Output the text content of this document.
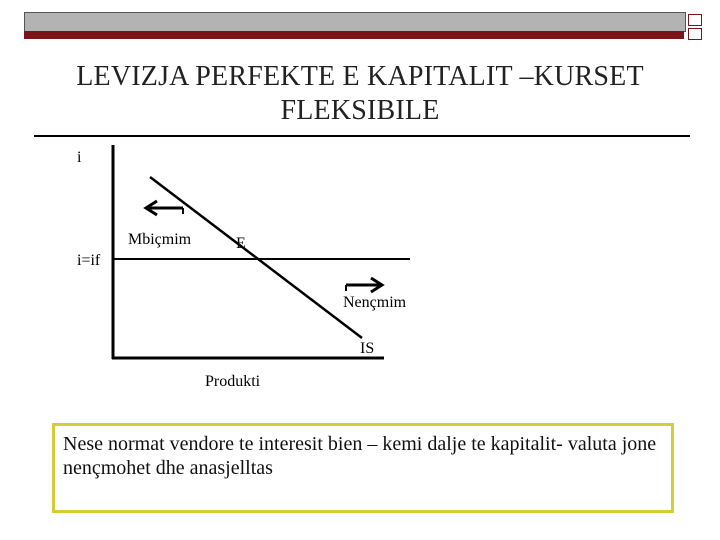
LEVIZJA PERFEKTE E KAPITALIT –KURSET FLEKSIBILE
i
i=if
Mbiçmim	E
Nençmim
IS
Produkti
Nese normat vendore te interesit bien – kemi dalje te kapitalit- valuta jone nençmohet dhe anasjelltas
